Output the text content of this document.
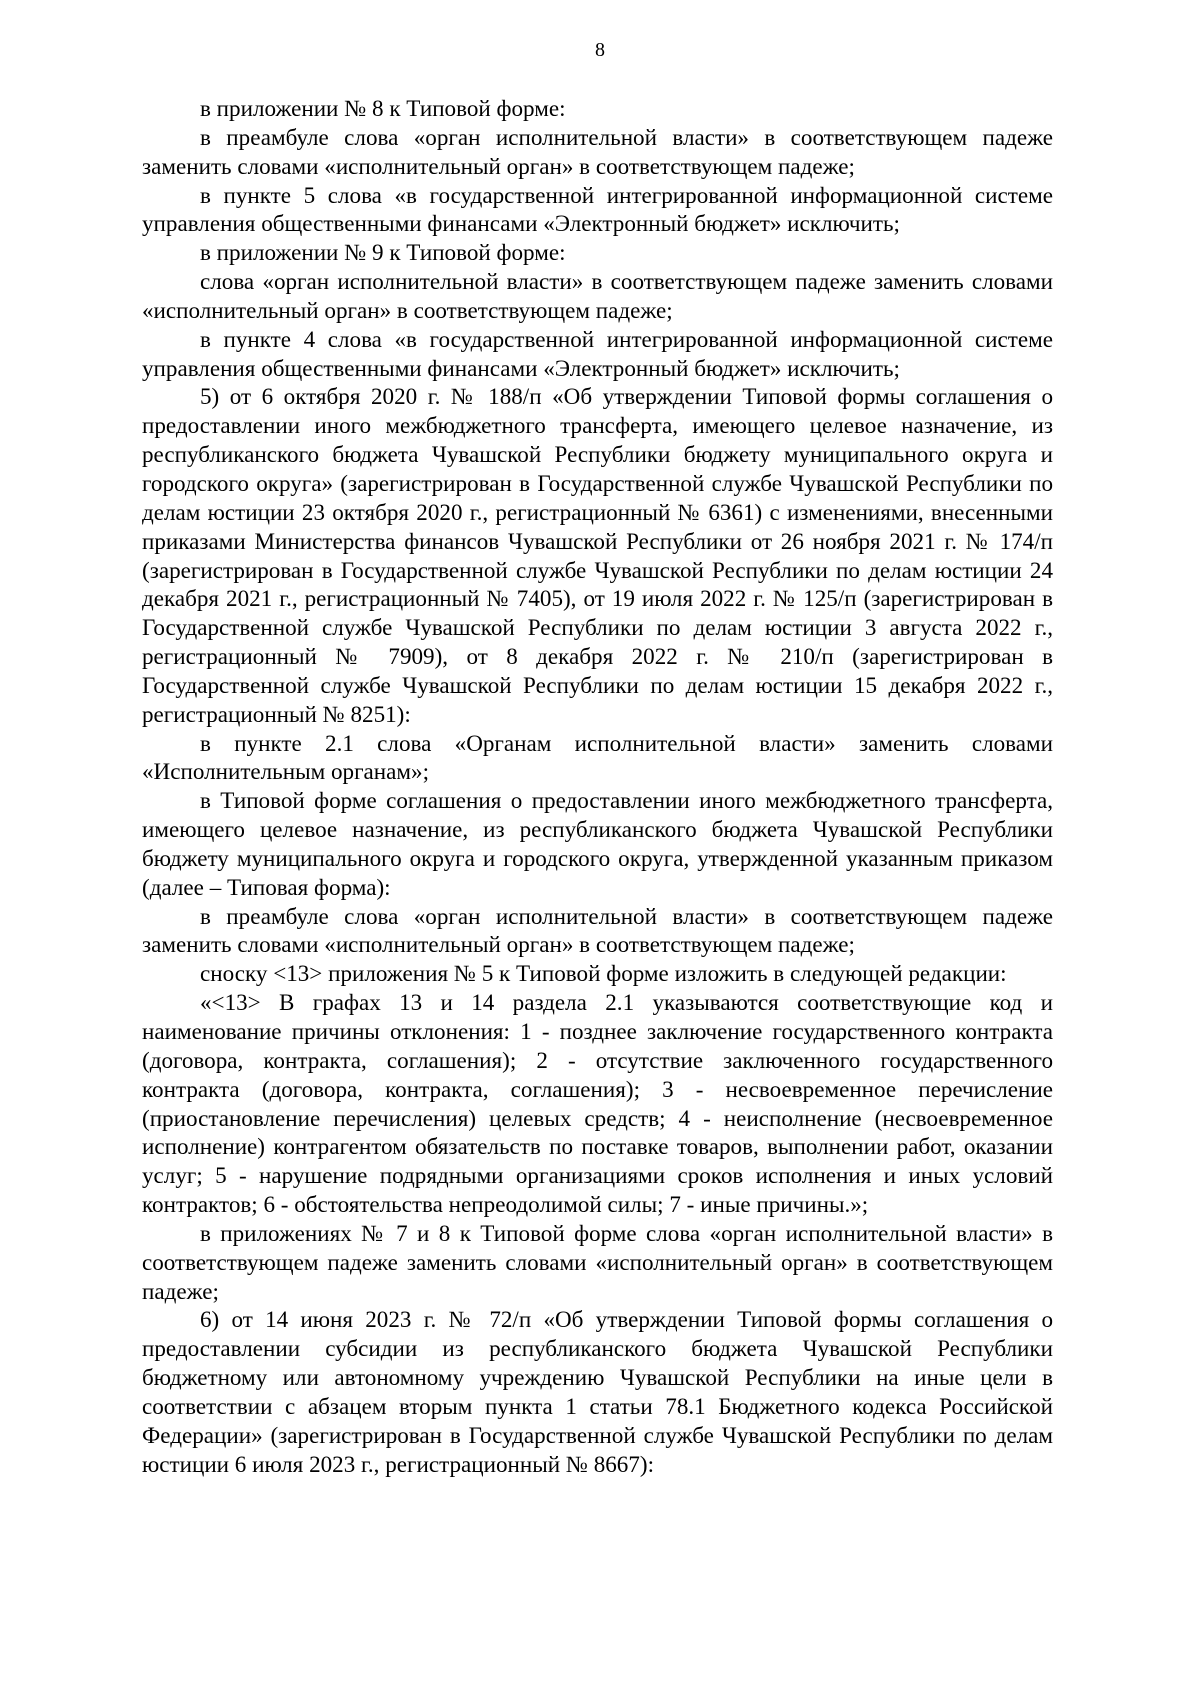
8

в приложении № 8 к Типовой форме:

в преамбуле слова «орган исполнительной власти» в соответствующем падеже заменить словами «исполнительный орган» в соответствующем падеже;

в пункте 5 слова «в государственной интегрированной информационной системе управления общественными финансами «Электронный бюджет» исключить;

в приложении № 9 к Типовой форме:

слова «орган исполнительной власти» в соответствующем падеже заменить словами «исполнительный орган» в соответствующем падеже;

в пункте 4 слова «в государственной интегрированной информационной системе управления общественными финансами «Электронный бюджет» исключить;

5) от 6 октября 2020 г. № 188/п «Об утверждении Типовой формы соглашения о предоставлении иного межбюджетного трансферта, имеющего целевое назначение, из республиканского бюджета Чувашской Республики бюджету муниципального округа и городского округа» (зарегистрирован в Государственной службе Чувашской Республики по делам юстиции 23 октября 2020 г., регистрационный № 6361) с изменениями, внесенными приказами Министерства финансов Чувашской Республики от 26 ноября 2021 г. № 174/п (зарегистрирован в Государственной службе Чувашской Республики по делам юстиции 24 декабря 2021 г., регистрационный № 7405), от 19 июля 2022 г. № 125/п (зарегистрирован в Государственной службе Чувашской Республики по делам юстиции 3 августа 2022 г., регистрационный № 7909), от 8 декабря 2022 г. № 210/п (зарегистрирован в Государственной службе Чувашской Республики по делам юстиции 15 декабря 2022 г., регистрационный № 8251):

в пункте 2.1 слова «Органам исполнительной власти» заменить словами «Исполнительным органам»;

в Типовой форме соглашения о предоставлении иного межбюджетного трансферта, имеющего целевое назначение, из республиканского бюджета Чувашской Республики бюджету муниципального округа и городского округа, утвержденной указанным приказом (далее – Типовая форма):

в преамбуле слова «орган исполнительной власти» в соответствующем падеже заменить словами «исполнительный орган» в соответствующем падеже;

сноску <13> приложения № 5 к Типовой форме изложить в следующей редакции:

«<13> В графах 13 и 14 раздела 2.1 указываются соответствующие код и наименование причины отклонения: 1 - позднее заключение государственного контракта (договора, контракта, соглашения); 2 - отсутствие заключенного государственного контракта (договора, контракта, соглашения); 3 - несвоевременное перечисление (приостановление перечисления) целевых средств; 4 - неисполнение (несвоевременное исполнение) контрагентом обязательств по поставке товаров, выполнении работ, оказании услуг; 5 - нарушение подрядными организациями сроков исполнения и иных условий контрактов; 6 - обстоятельства непреодолимой силы; 7 - иные причины.»;

в приложениях № 7 и 8 к Типовой форме слова «орган исполнительной власти» в соответствующем падеже заменить словами «исполнительный орган» в соответствующем падеже;

6) от 14 июня 2023 г. № 72/п «Об утверждении Типовой формы соглашения о предоставлении субсидии из республиканского бюджета Чувашской Республики бюджетному или автономному учреждению Чувашской Республики на иные цели в соответствии с абзацем вторым пункта 1 статьи 78.1 Бюджетного кодекса Российской Федерации» (зарегистрирован в Государственной службе Чувашской Республики по делам юстиции 6 июля 2023 г., регистрационный № 8667):
